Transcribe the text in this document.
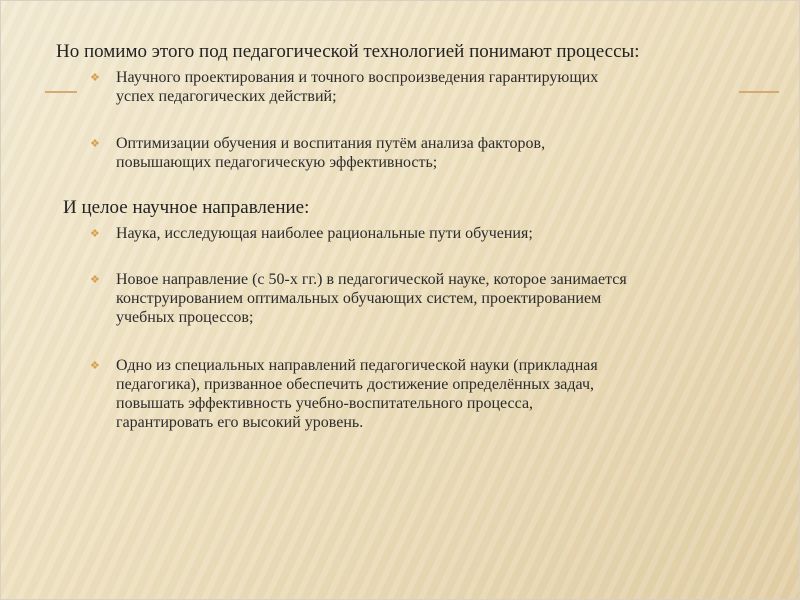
Но помимо этого под педагогической технологией понимают процессы:

❖ Научного проектирования и точного воспроизведения гарантирующих
успех педагогических действий;
❖ Оптимизации обучения и воспитания путём анализа факторов,
повышающих педагогическую эффективность;

И целое научное направление:

❖ Наука, исследующая наиболее рациональные пути обучения;
❖ Новое направление (с 50-х гг.) в педагогической науке, которое занимается
конструированием оптимальных обучающих систем, проектированием
учебных процессов;
❖ Одно из специальных направлений педагогической науки (прикладная
педагогика), призванное обеспечить достижение определённых задач,
повышать эффективность учебно-воспитательного процесса,
гарантировать его высокий уровень.
